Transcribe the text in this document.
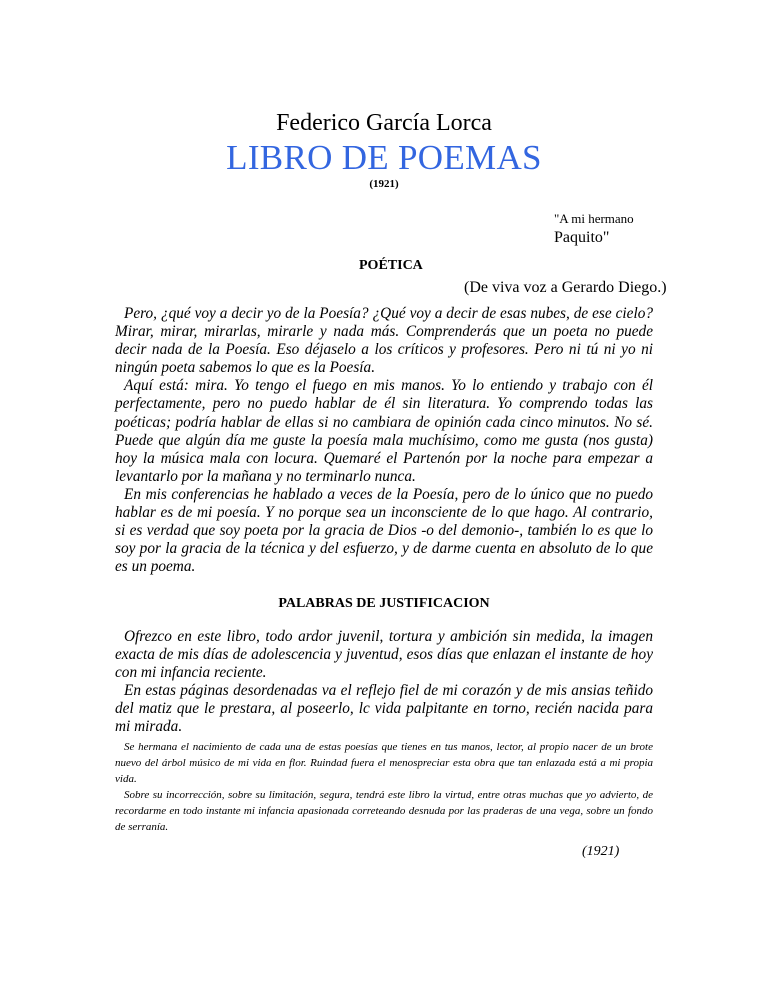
Federico García Lorca
LIBRO DE POEMAS
(1921)
"A mi hermano
Paquito"
POÉTICA
(De viva voz a Gerardo Diego.)

Pero, ¿qué voy a decir yo de la Poesía? ¿Qué voy a decir de esas nubes, de ese cielo? Mirar, mirar, mirarlas, mirarle y nada más. Comprenderás que un poeta no puede decir nada de la Poesía. Eso déjaselo a los críticos y profesores. Pero ni tú ni yo ni ningún poeta sabemos lo que es la Poesía.

Aquí está: mira. Yo tengo el fuego en mis manos. Yo lo entiendo y trabajo con él perfectamente, pero no puedo hablar de él sin literatura. Yo comprendo todas las poéticas; podría hablar de ellas si no cambiara de opinión cada cinco minutos. No sé. Puede que algún día me guste la poesía mala muchísimo, como me gusta (nos gusta) hoy la música mala con locura. Quemaré el Partenón por la noche para empezar a levantarlo por la mañana y no terminarlo nunca.

En mis conferencias he hablado a veces de la Poesía, pero de lo único que no puedo hablar es de mi poesía. Y no porque sea un inconsciente de lo que hago. Al contrario, si es verdad que soy poeta por la gracia de Dios -o del demonio-, también lo es que lo soy por la gracia de la técnica y del esfuerzo, y de darme cuenta en absoluto de lo que es un poema.

PALABRAS DE JUSTIFICACION

Ofrezco en este libro, todo ardor juvenil, tortura y ambición sin medida, la imagen exacta de mis días de adolescencia y juventud, esos días que enlazan el instante de hoy con mi infancia reciente.

En estas páginas desordenadas va el reflejo fiel de mi corazón y de mis ansias teñido del matiz que le prestara, al poseerlo, lc vida palpitante en torno, recién nacida para mi mirada.

Se hermana el nacimiento de cada una de estas poesías que tienes en tus manos, lector, al propio nacer de un brote nuevo del árbol músico de mi vida en flor. Ruindad fuera el menospreciar esta obra que tan enlazada está a mi propia vida.

Sobre su incorrección, sobre su limitación, segura, tendrá este libro la virtud, entre otras muchas que yo advierto, de recordarme en todo instante mi infancia apasionada correteando desnuda por las praderas de una vega, sobre un fondo de serranía.

(1921)
